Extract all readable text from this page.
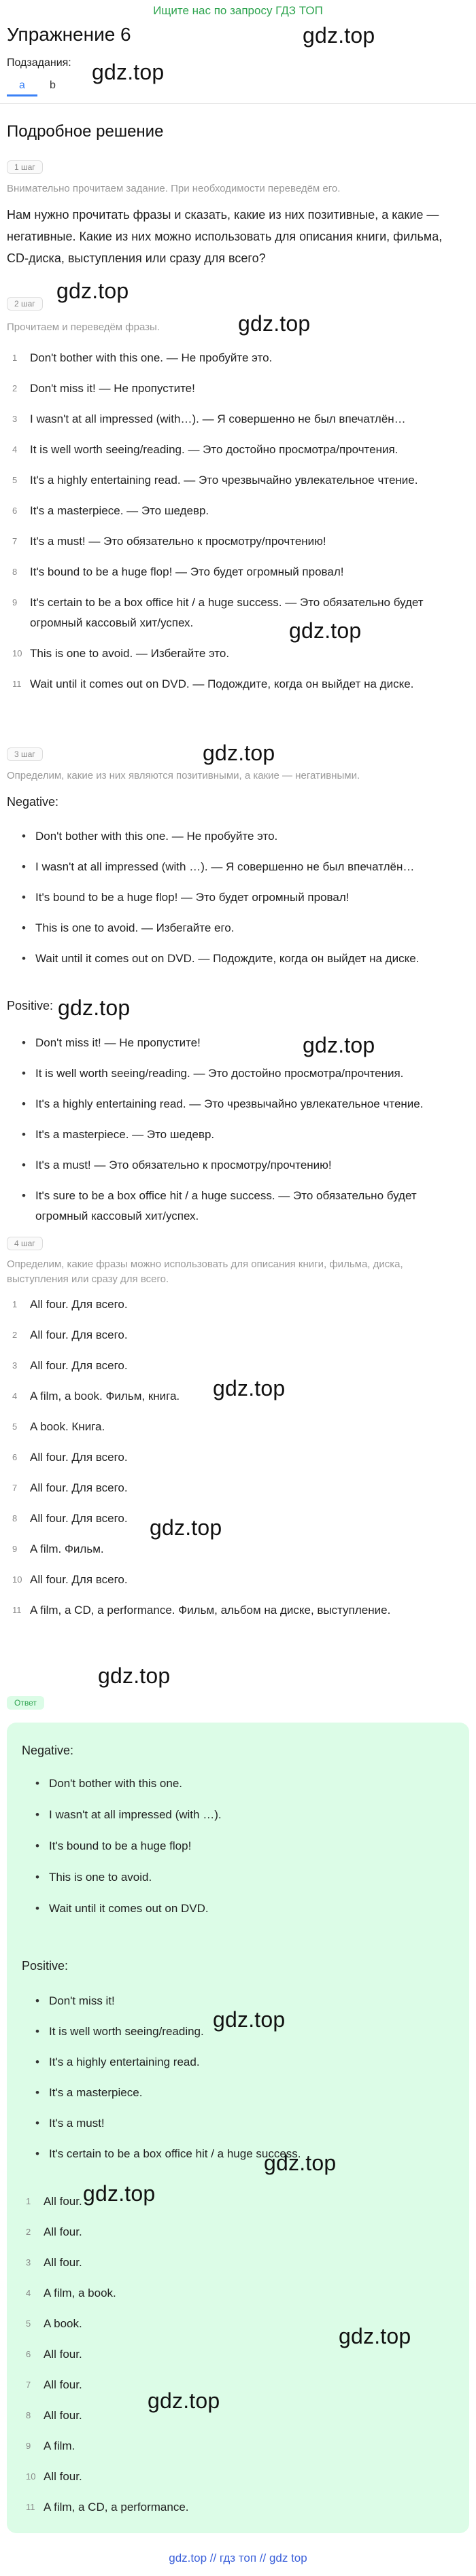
Ищите нас по запросу ГДЗ ТОП
Упражнение 6
Подзадания:
a	b
Подробное решение
1 шаг
Внимательно прочитаем задание. При необходимости переведём его.
Нам нужно прочитать фразы и сказать, какие из них позитивные, а какие — негативные. Какие из них можно использовать для описания книги, фильма, CD-диска, выступления или сразу для всего?
2 шаг
Прочитаем и переведём фразы.
1 Don't bother with this one. — Не пробуйте это.
2 Don't miss it! — Не пропустите!
3 I wasn't at all impressed (with…). — Я совершенно не был впечатлён…
4 It is well worth seeing/reading. — Это достойно просмотра/прочтения.
5 It's a highly entertaining read. — Это чрезвычайно увлекательное чтение.
6 It's a masterpiece. — Это шедевр.
7 It's a must! — Это обязательно к просмотру/прочтению!
8 It's bound to be a huge flop! — Это будет огромный провал!
9 It's certain to be a box office hit / a huge success. — Это обязательно будет огромный кассовый хит/успех.
10 This is one to avoid. — Избегайте это.
11 Wait until it comes out on DVD. — Подождите, когда он выйдет на диске.
3 шаг
Определим, какие из них являются позитивными, а какие — негативными.
Negative:
• Don't bother with this one. — Не пробуйте это.
• I wasn't at all impressed (with …). — Я совершенно не был впечатлён…
• It's bound to be a huge flop! — Это будет огромный провал!
• This is one to avoid. — Избегайте его.
• Wait until it comes out on DVD. — Подождите, когда он выйдет на диске.
Positive:
• Don't miss it! — Не пропустите!
• It is well worth seeing/reading. — Это достойно просмотра/прочтения.
• It's a highly entertaining read. — Это чрезвычайно увлекательное чтение.
• It's a masterpiece. — Это шедевр.
• It's a must! — Это обязательно к просмотру/прочтению!
• It's sure to be a box office hit / a huge success. — Это обязательно будет огромный кассовый хит/успех.
4 шаг
Определим, какие фразы можно использовать для описания книги, фильма, диска, выступления или сразу для всего.
1 All four. Для всего.
2 All four. Для всего.
3 All four. Для всего.
4 A film, a book. Фильм, книга.
5 A book. Книга.
6 All four. Для всего.
7 All four. Для всего.
8 All four. Для всего.
9 A film. Фильм.
10 All four. Для всего.
11 A film, a CD, a performance. Фильм, альбом на диске, выступление.
Ответ
Negative:
• Don't bother with this one.
• I wasn't at all impressed (with …).
• It's bound to be a huge flop!
• This is one to avoid.
• Wait until it comes out on DVD.
Positive:
• Don't miss it!
• It is well worth seeing/reading.
• It's a highly entertaining read.
• It's a masterpiece.
• It's a must!
• It's certain to be a box office hit / a huge success.
1 All four.
2 All four.
3 All four.
4 A film, a book.
5 A book.
6 All four.
7 All four.
8 All four.
9 A film.
10 All four.
11 A film, a CD, a performance.
gdz.top
gdz.top
gdz.top
gdz.top
gdz.top
gdz.top
gdz.top
gdz.top
gdz.top
gdz.top
gdz.top
gdz.top
gdz.top
gdz.top
gdz.top
gdz.top
gdz.top // гдз топ // gdz top
